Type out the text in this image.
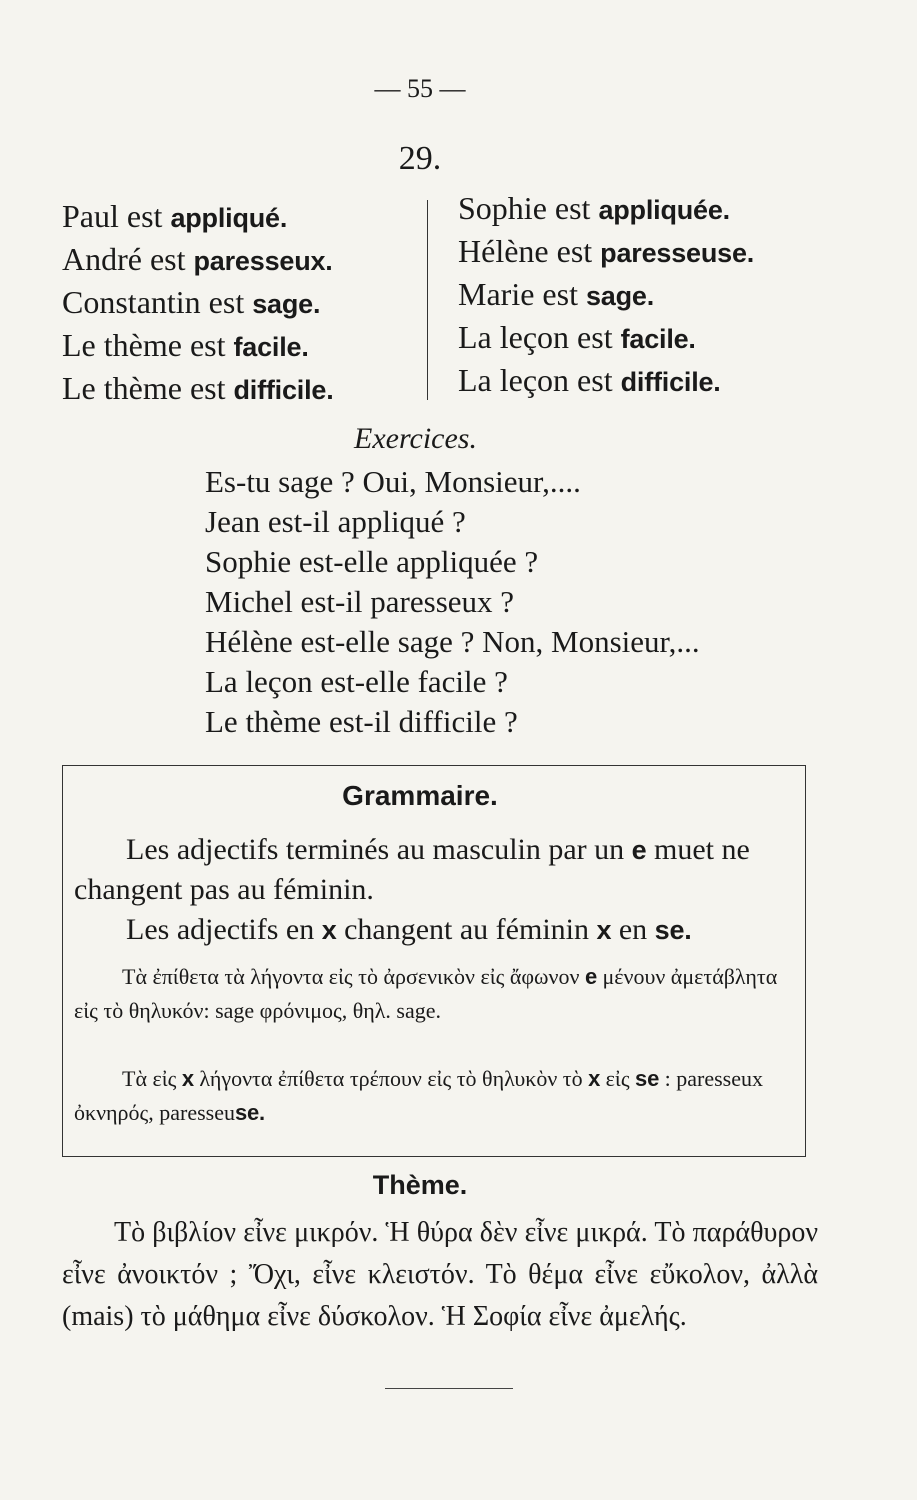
— 55 —
29.
Paul est appliqué.
André est paresseux.
Constantin est sage.
Le thème est facile.
Le thème est difficile.
Sophie est appliquée.
Hélène est paresseuse.
Marie est sage.
La leçon est facile.
La leçon est difficile.
Exercices.
Es-tu sage ? Oui, Monsieur,....
Jean est-il appliqué ?
Sophie est-elle appliquée ?
Michel est-il paresseux ?
Hélène est-elle sage ? Non, Monsieur,...
La leçon est-elle facile ?
Le thème est-il difficile ?
Grammaire.

Les adjectifs terminés au masculin par un e muet ne changent pas au féminin.

Les adjectifs en x changent au féminin x en se.

Τὰ ἐπίθετα τὰ λήγοντα εἰς τὸ ἀρσενικὸν εἰς ἄφωνον e μένουν ἀμετάβλητα εἰς τὸ θηλυκόν: sage φρόνιμος, θηλ. sage.

Τὰ εἰς x λήγοντα ἐπίθετα τρέπουν εἰς τὸ θηλυκὸν τὸ x εἰς se : paresseux ὀκνηρός, paresseuse.

Thème.

Τὸ βιβλίον εἶνε μικρόν. Ἡ θύρα δὲν εἶνε μικρά. Τὸ παράθυρον εἶνε ἀνοικτόν ; Ὄχι, εἶνε κλειστόν. Τὸ θέμα εἶνε εὔκολον, ἀλλὰ (mais) τὸ μάθημα εἶνε δύσκολον. Ἡ Σοφία εἶνε ἀμελής.
